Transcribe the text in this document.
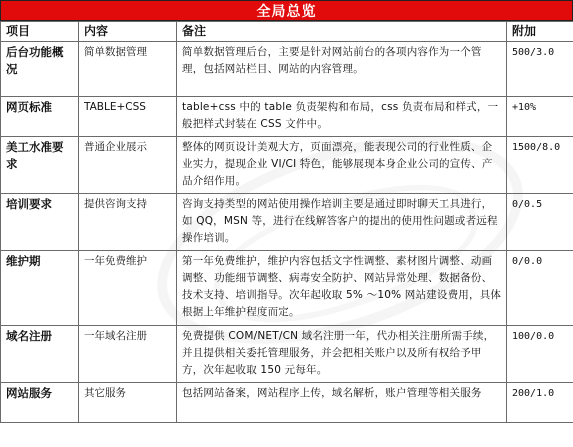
全局总览
项目	内容	备注	附加
后台功能概况	简单数据管理	简单数据管理后台，主要是针对网站前台的各项内容作为一个管理，包括网站栏目、网站的内容管理。	500/3.0
网页标准	TABLE+CSS	table+css 中的 table 负责架构和布局，css 负责布局和样式，一般把样式封装在 CSS 文件中。	+10%
美工水准要求	普通企业展示	整体的网页设计美观大方，页面漂亮，能表现公司的行业性质、企业实力，提现企业 VI/CI 特色，能够展现本身企业公司的宣传、产品介绍作用。	1500/8.0
培训要求	提供咨询支持	咨询支持类型的网站使用操作培训主要是通过即时聊天工具进行，如 QQ，MSN 等，进行在线解答客户的提出的使用性问题或者远程操作培训。	0/0.5
维护期	一年免费维护	第一年免费维护，维护内容包括文字性调整、素材图片调整、动画调整、功能细节调整、病毒安全防护、网站异常处理、数据备份、技术支持、培训指导。次年起收取 5% ～10% 网站建设费用，具体根据上年维护程度而定。	0/0.0
域名注册	一年域名注册	免费提供 COM/NET/CN 域名注册一年，代办相关注册所需手续，并且提供相关委托管理服务，并会把相关账户以及所有权给予甲方，次年起收取 150 元每年。	100/0.0
网站服务	其它服务	包括网站备案，网站程序上传，域名解析，账户管理等相关服务	200/1.0
